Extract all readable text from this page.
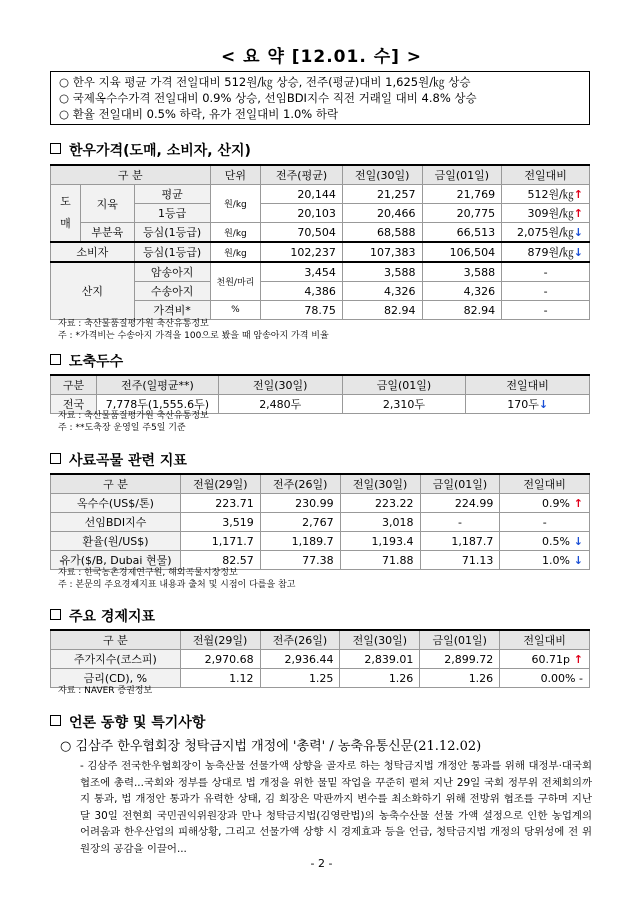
< 요 약 [12.01. 수] >
○ 한우 지육 평균 가격 전일대비 512원/㎏ 상승, 전주(평균)대비 1,625원/㎏ 상승
○ 국제옥수수가격 전일대비 0.9% 상승, 선임BDI지수 직전 거래일 대비 4.8% 상승
○ 환율 전일대비 0.5% 하락, 유가 전일대비 1.0% 하락
한우가격(도매, 소비자, 산지)
구 분			단위	전주(평균)	전일(30일)	금일(01일)	전일대비
도 매	지육	평균	원/kg	20,144	21,257	21,769	512원/㎏↑
		1등급		20,103	20,466	20,775	309원/㎏↑
	부분육	등심(1등급)	원/kg	70,504	68,588	66,513	2,075원/㎏↓
소비자		등심(1등급)	원/kg	102,237	107,383	106,504	879원/㎏↓
산지		암송아지	천원/마리	3,454	3,588	3,588	-
		수송아지		4,386	4,326	4,326	-
		가격비*	%	78.75	82.94	82.94	-
자료 : 축산물품질평가원 축산유통정보
주 : *가격비는 수송아지 가격을 100으로 봤을 때 암송아지 가격 비율
도축두수
구분	전주(일평균**)	전일(30일)	금일(01일)	전일대비
전국	7,778두(1,555.6두)	2,480두	2,310두	170두↓
자료 : 축산물품질평가원 축산유통정보
주 : **도축장 운영일 주5일 기준
사료곡물 관련 지표
구 분	전월(29일)	전주(26일)	전일(30일)	금일(01일)	전일대비
옥수수(US$/톤)	223.71	230.99	223.22	224.99	0.9% ↑
선임BDI지수	3,519	2,767	3,018	-	-
환율(원/US$)	1,171.7	1,189.7	1,193.4	1,187.7	0.5% ↓
유가($/B, Dubai 현물)	82.57	77.38	71.88	71.13	1.0% ↓
자료 : 한국농촌경제연구원, 해외곡물시장정보
주 : 본문의 주요경제지표 내용과 출처 및 시점이 다를을 참고
주요 경제지표
구 분	전월(29일)	전주(26일)	전일(30일)	금일(01일)	전일대비
주가지수(코스피)	2,970.68	2,936.44	2,839.01	2,899.72	60.71p ↑
금리(CD), %	1.12	1.25	1.26	1.26	0.00% -
자료 : NAVER 증권정보
언론 동향 및 특기사항
○ 김삼주 한우협회장 청탁금지법 개정에 '총력' / 농축유통신문(21.12.02)
- 김삼주 전국한우협회장이 농축산물 선물가액 상향을 골자로 하는 청탁금지법 개정안 통과를 위해 대정부·대국회 협조에 총력...국회와 정부를 상대로 법 개정을 위한 물밑 작업을 꾸준히 펼쳐 지난 29일 국회 정무위 전체회의까지 통과, 법 개정안 통과가 유력한 상태, 김 회장은 막판까지 변수를 최소화하기 위해 전방위 협조를 구하며 지난 달 30일 전현희 국민권익위원장과 만나 청탁금지법(김영란법)의 농축수산물 선물 가액 설정으로 인한 농업계의 어려움과 한우산업의 피해상황, 그리고 선물가액 상향 시 경제효과 등을 언급, 청탁금지법 개정의 당위성에 전 위원장의 공감을 이끌어...
- 2 -
